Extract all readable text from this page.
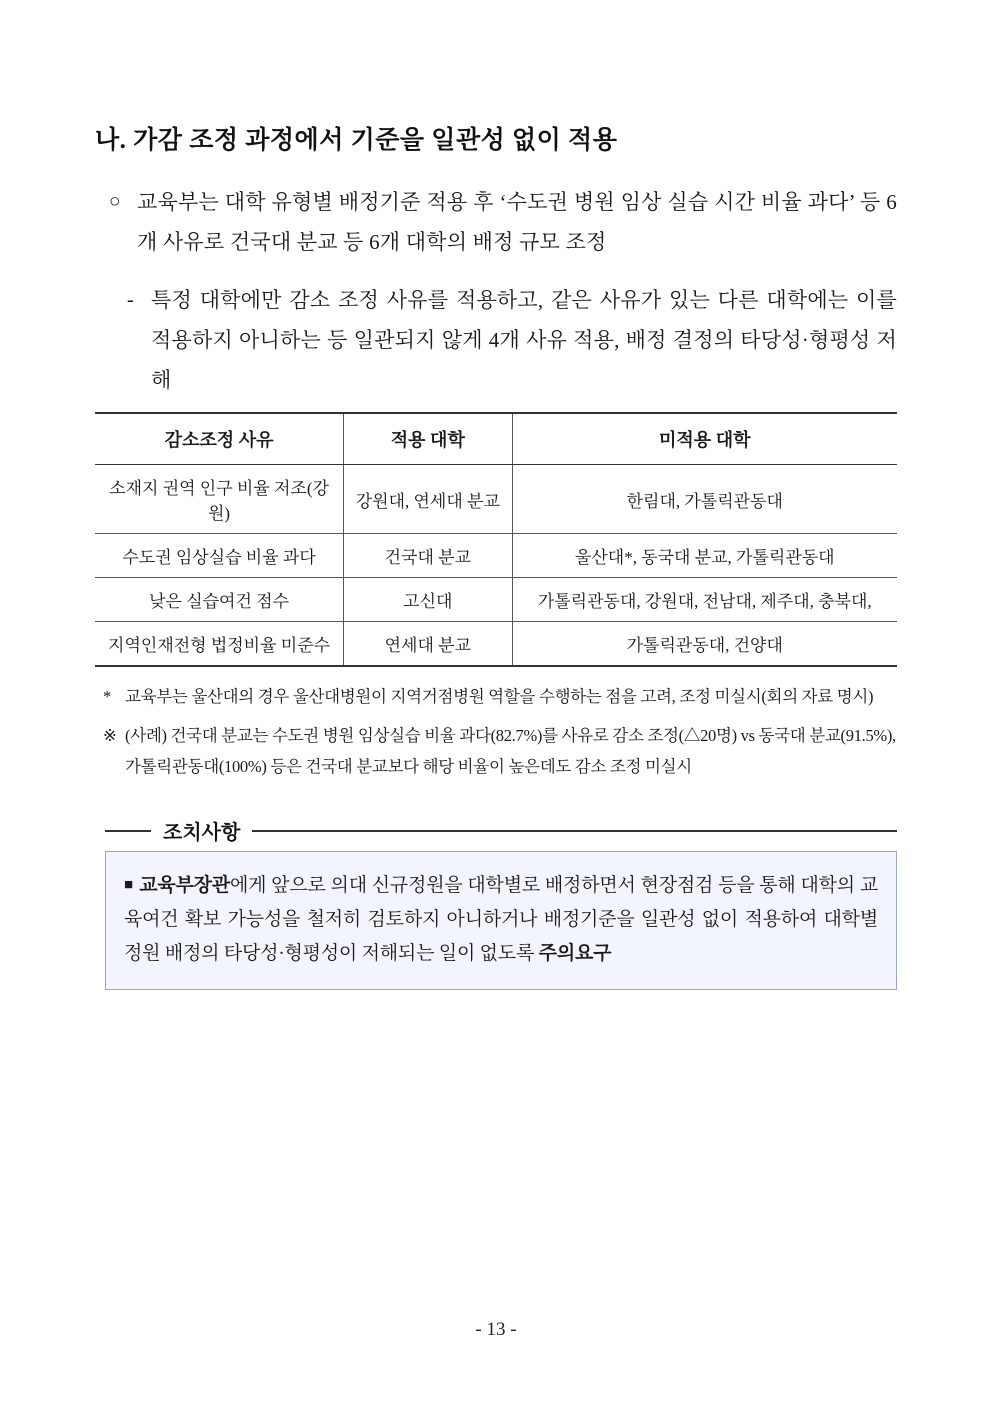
나. 가감 조정 과정에서 기준을 일관성 없이 적용
○ 교육부는 대학 유형별 배정기준 적용 후 ‘수도권 병원 임상 실습 시간 비율 과다’ 등 6개 사유로 건국대 분교 등 6개 대학의 배정 규모 조정
- 특정 대학에만 감소 조정 사유를 적용하고, 같은 사유가 있는 다른 대학에는 이를 적용하지 아니하는 등 일관되지 않게 4개 사유 적용, 배정 결정의 타당성·형평성 저해
감소조정 사유	적용 대학	미적용 대학
소재지 권역 인구 비율 저조(강원)	강원대, 연세대 분교	한림대, 가톨릭관동대
수도권 임상실습 비율 과다	건국대 분교	울산대*, 동국대 분교, 가톨릭관동대
낮은 실습여건 점수	고신대	가톨릭관동대, 강원대, 전남대, 제주대, 충북대,
지역인재전형 법정비율 미준수	연세대 분교	가톨릭관동대, 건양대
* 교육부는 울산대의 경우 울산대병원이 지역거점병원 역할을 수행하는 점을 고려, 조정 미실시(회의 자료 명시)
※ (사례) 건국대 분교는 수도권 병원 임상실습 비율 과다(82.7%)를 사유로 감소 조정(△20명) vs 동국대 분교(91.5%), 가톨릭관동대(100%) 등은 건국대 분교보다 해당 비율이 높은데도 감소 조정 미실시
조치사항
■ 교육부장관에게 앞으로 의대 신규정원을 대학별로 배정하면서 현장점검 등을 통해 대학의 교육여건 확보 가능성을 철저히 검토하지 아니하거나 배정기준을 일관성 없이 적용하여 대학별 정원 배정의 타당성·형평성이 저해되는 일이 없도록 주의요구
- 13 -
